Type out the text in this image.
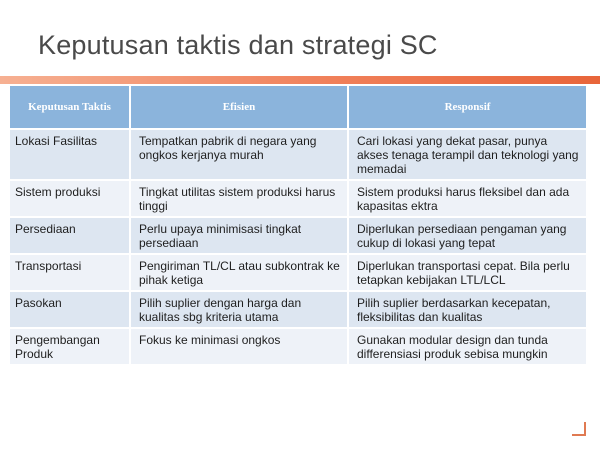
Keputusan taktis dan strategi SC
Keputusan Taktis	Efisien	Responsif
Lokasi Fasilitas	Tempatkan pabrik di negara yang ongkos kerjanya murah	Cari lokasi yang dekat pasar, punya akses tenaga terampil dan teknologi yang memadai
Sistem produksi	Tingkat utilitas sistem produksi harus tinggi	Sistem produksi harus fleksibel dan ada kapasitas ektra
Persediaan	Perlu upaya minimisasi tingkat persediaan	Diperlukan persediaan pengaman yang cukup di lokasi yang tepat
Transportasi	Pengiriman TL/CL atau subkontrak ke pihak ketiga	Diperlukan transportasi cepat. Bila perlu tetapkan kebijakan LTL/LCL
Pasokan	Pilih suplier dengan harga dan kualitas sbg kriteria utama	Pilih suplier berdasarkan kecepatan, fleksibilitas dan kualitas
Pengembangan Produk	Fokus ke minimasi ongkos	Gunakan modular design dan tunda differensiasi produk sebisa mungkin
